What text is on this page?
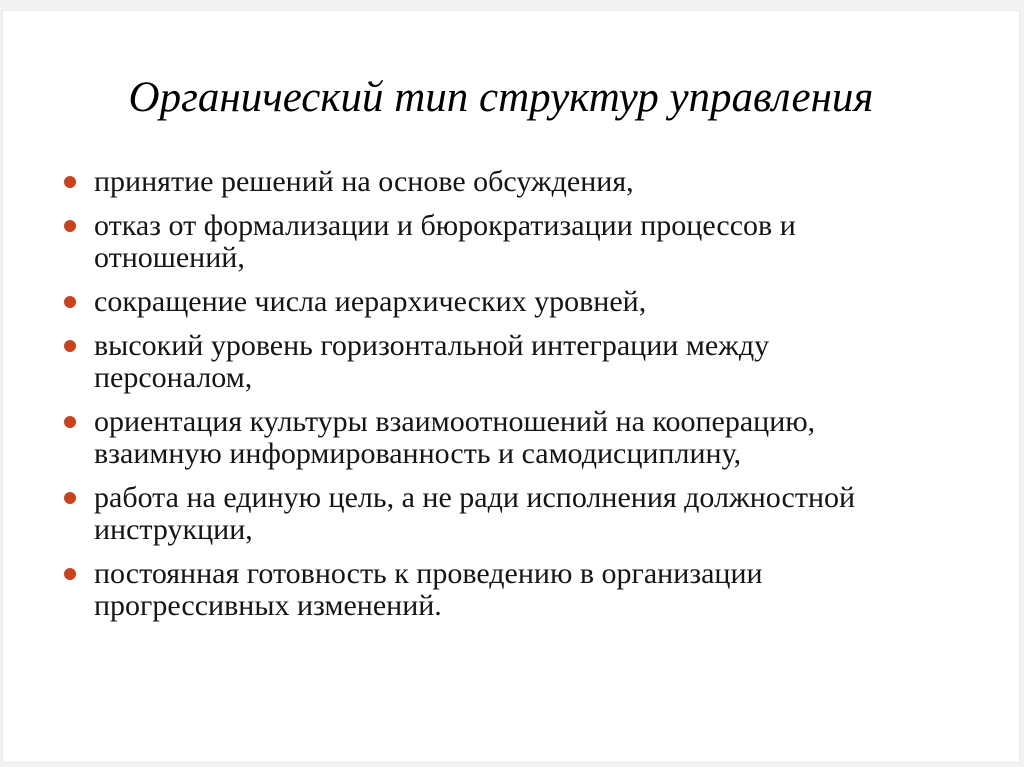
Органический тип структур управления
принятие решений на основе обсуждения,
отказ от формализации и бюрократизации процессов и
отношений,
сокращение числа иерархических уровней,
высокий уровень горизонтальной интеграции между
персоналом,
ориентация культуры взаимоотношений на кооперацию,
взаимную информированность и самодисциплину,
работа на единую цель, а не ради исполнения должностной
инструкции,
постоянная готовность к проведению в организации
прогрессивных изменений.
